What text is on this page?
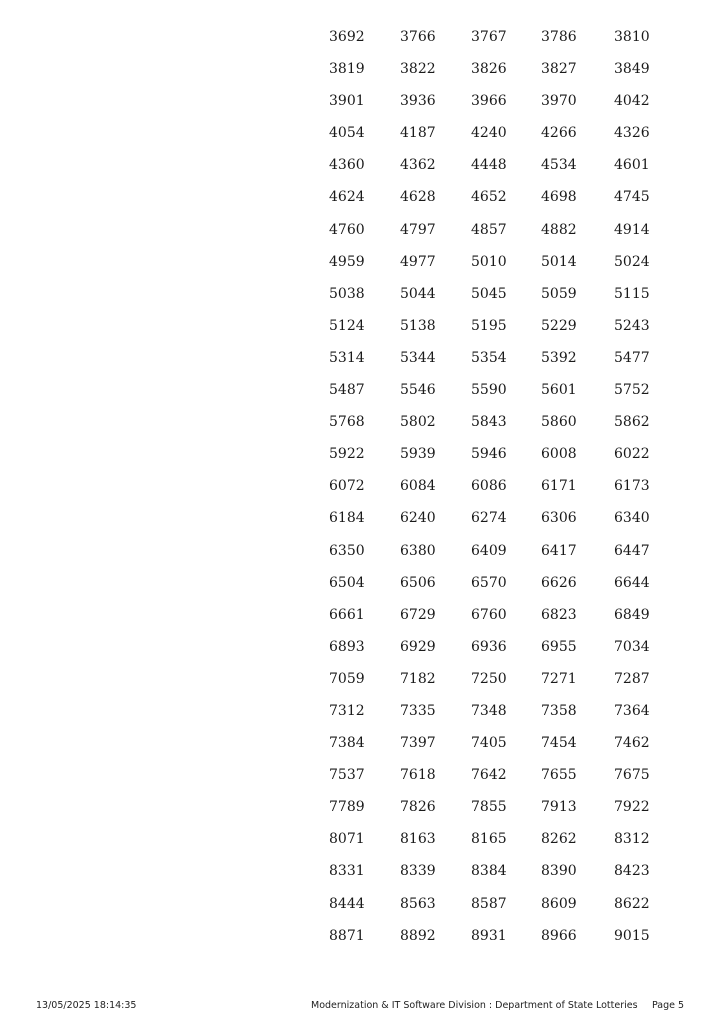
3692	3766	3767	3786	3810
3819	3822	3826	3827	3849
3901	3936	3966	3970	4042
4054	4187	4240	4266	4326
4360	4362	4448	4534	4601
4624	4628	4652	4698	4745
4760	4797	4857	4882	4914
4959	4977	5010	5014	5024
5038	5044	5045	5059	5115
5124	5138	5195	5229	5243
5314	5344	5354	5392	5477
5487	5546	5590	5601	5752
5768	5802	5843	5860	5862
5922	5939	5946	6008	6022
6072	6084	6086	6171	6173
6184	6240	6274	6306	6340
6350	6380	6409	6417	6447
6504	6506	6570	6626	6644
6661	6729	6760	6823	6849
6893	6929	6936	6955	7034
7059	7182	7250	7271	7287
7312	7335	7348	7358	7364
7384	7397	7405	7454	7462
7537	7618	7642	7655	7675
7789	7826	7855	7913	7922
8071	8163	8165	8262	8312
8331	8339	8384	8390	8423
8444	8563	8587	8609	8622
8871	8892	8931	8966	9015
13/05/2025 18:14:35	Modernization & IT Software Division : Department of State Lotteries Page 5
